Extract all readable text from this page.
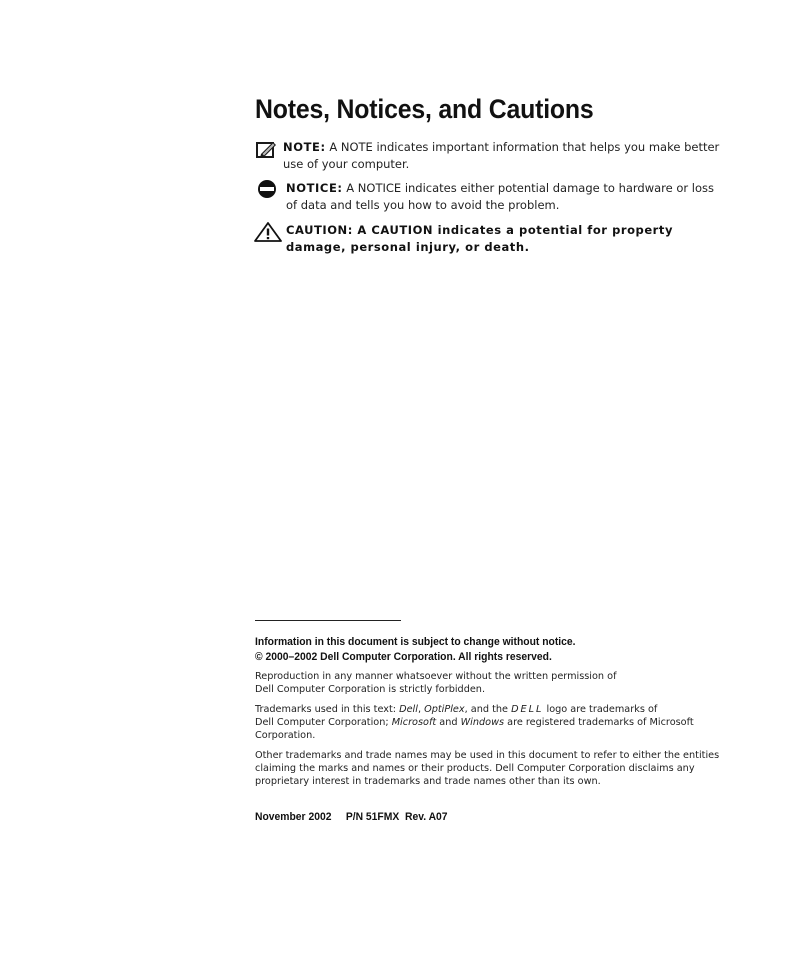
Notes, Notices, and Cautions
NOTE: A NOTE indicates important information that helps you make better use of your computer.
NOTICE: A NOTICE indicates either potential damage to hardware or loss of data and tells you how to avoid the problem.
CAUTION: A CAUTION indicates a potential for property damage, personal injury, or death.

Information in this document is subject to change without notice.
© 2000–2002 Dell Computer Corporation. All rights reserved.

Reproduction in any manner whatsoever without the written permission of
Dell Computer Corporation is strictly forbidden.

Trademarks used in this text: Dell, OptiPlex, and the DELL logo are trademarks of
Dell Computer Corporation; Microsoft and Windows are registered trademarks of Microsoft
Corporation.

Other trademarks and trade names may be used in this document to refer to either the entities
claiming the marks and names or their products. Dell Computer Corporation disclaims any
proprietary interest in trademarks and trade names other than its own.

November 2002 P/N 51FMX Rev. A07
